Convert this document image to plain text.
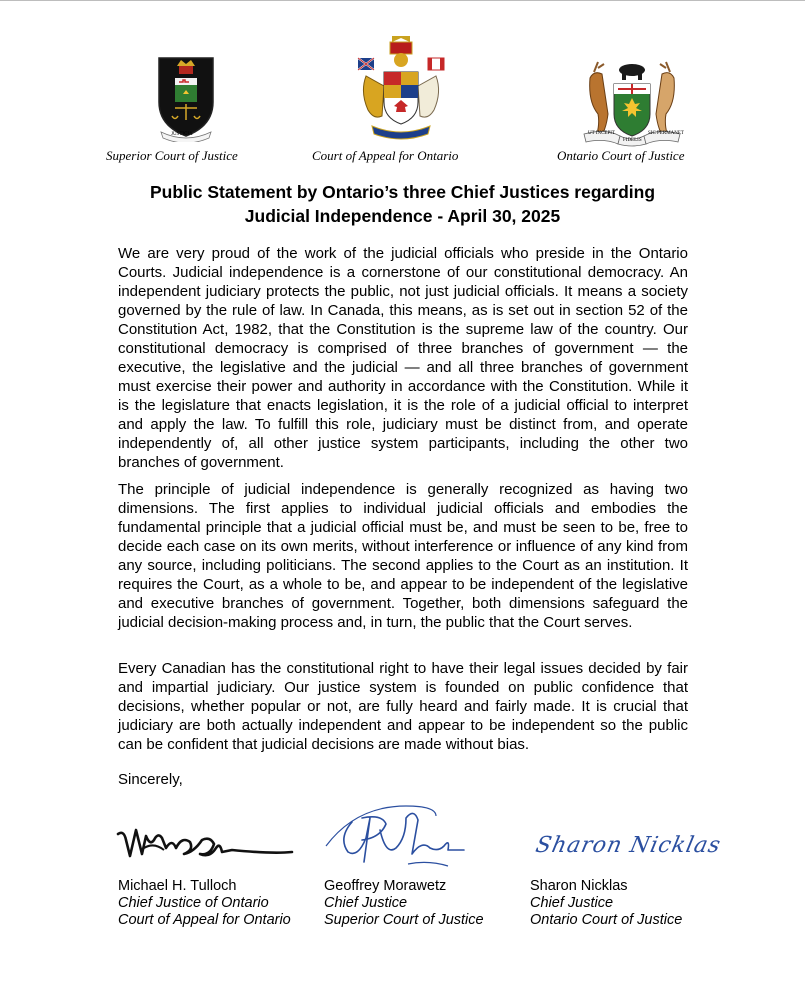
JUSTICIA	UT INCEPIT
FIDELIS
SIC PERMANET
Superior Court of Justice	Court of Appeal for Ontario	Ontario Court of Justice
Public Statement by Ontario’s three Chief Justices regarding
Judicial Independence - April 30, 2025

We are very proud of the work of the judicial officials who preside in the Ontario Courts. Judicial independence is a cornerstone of our constitutional democracy. An independent judiciary protects the public, not just judicial officials. It means a society governed by the rule of law. In Canada, this means, as is set out in section 52 of the Constitution Act, 1982, that the Constitution is the supreme law of the country. Our constitutional democracy is comprised of three branches of government — the executive, the legislative and the judicial — and all three branches of government must exercise their power and authority in accordance with the Constitution. While it is the legislature that enacts legislation, it is the role of a judicial official to interpret and apply the law. To fulfill this role, judiciary must be distinct from, and operate independently of, all other justice system participants, including the other two branches of government.

The principle of judicial independence is generally recognized as having two dimensions. The first applies to individual judicial officials and embodies the fundamental principle that a judicial official must be, and must be seen to be, free to decide each case on its own merits, without interference or influence of any kind from any source, including politicians. The second applies to the Court as an institution. It requires the Court, as a whole to be, and appear to be independent of the legislative and executive branches of government. Together, both dimensions safeguard the judicial decision-making process and, in turn, the public that the Court serves.

Every Canadian has the constitutional right to have their legal issues decided by fair and impartial judiciary. Our justice system is founded on public confidence that decisions, whether popular or not, are fully heard and fairly made. It is crucial that judiciary are both actually independent and appear to be independent so the public can be confident that judicial decisions are made without bias.

Sincerely,
Sharon Nicklas
Michael H. Tulloch
Chief Justice of Ontario
Court of Appeal for Ontario
Geoffrey Morawetz
Chief Justice
Superior Court of Justice
Sharon Nicklas
Chief Justice
Ontario Court of Justice
